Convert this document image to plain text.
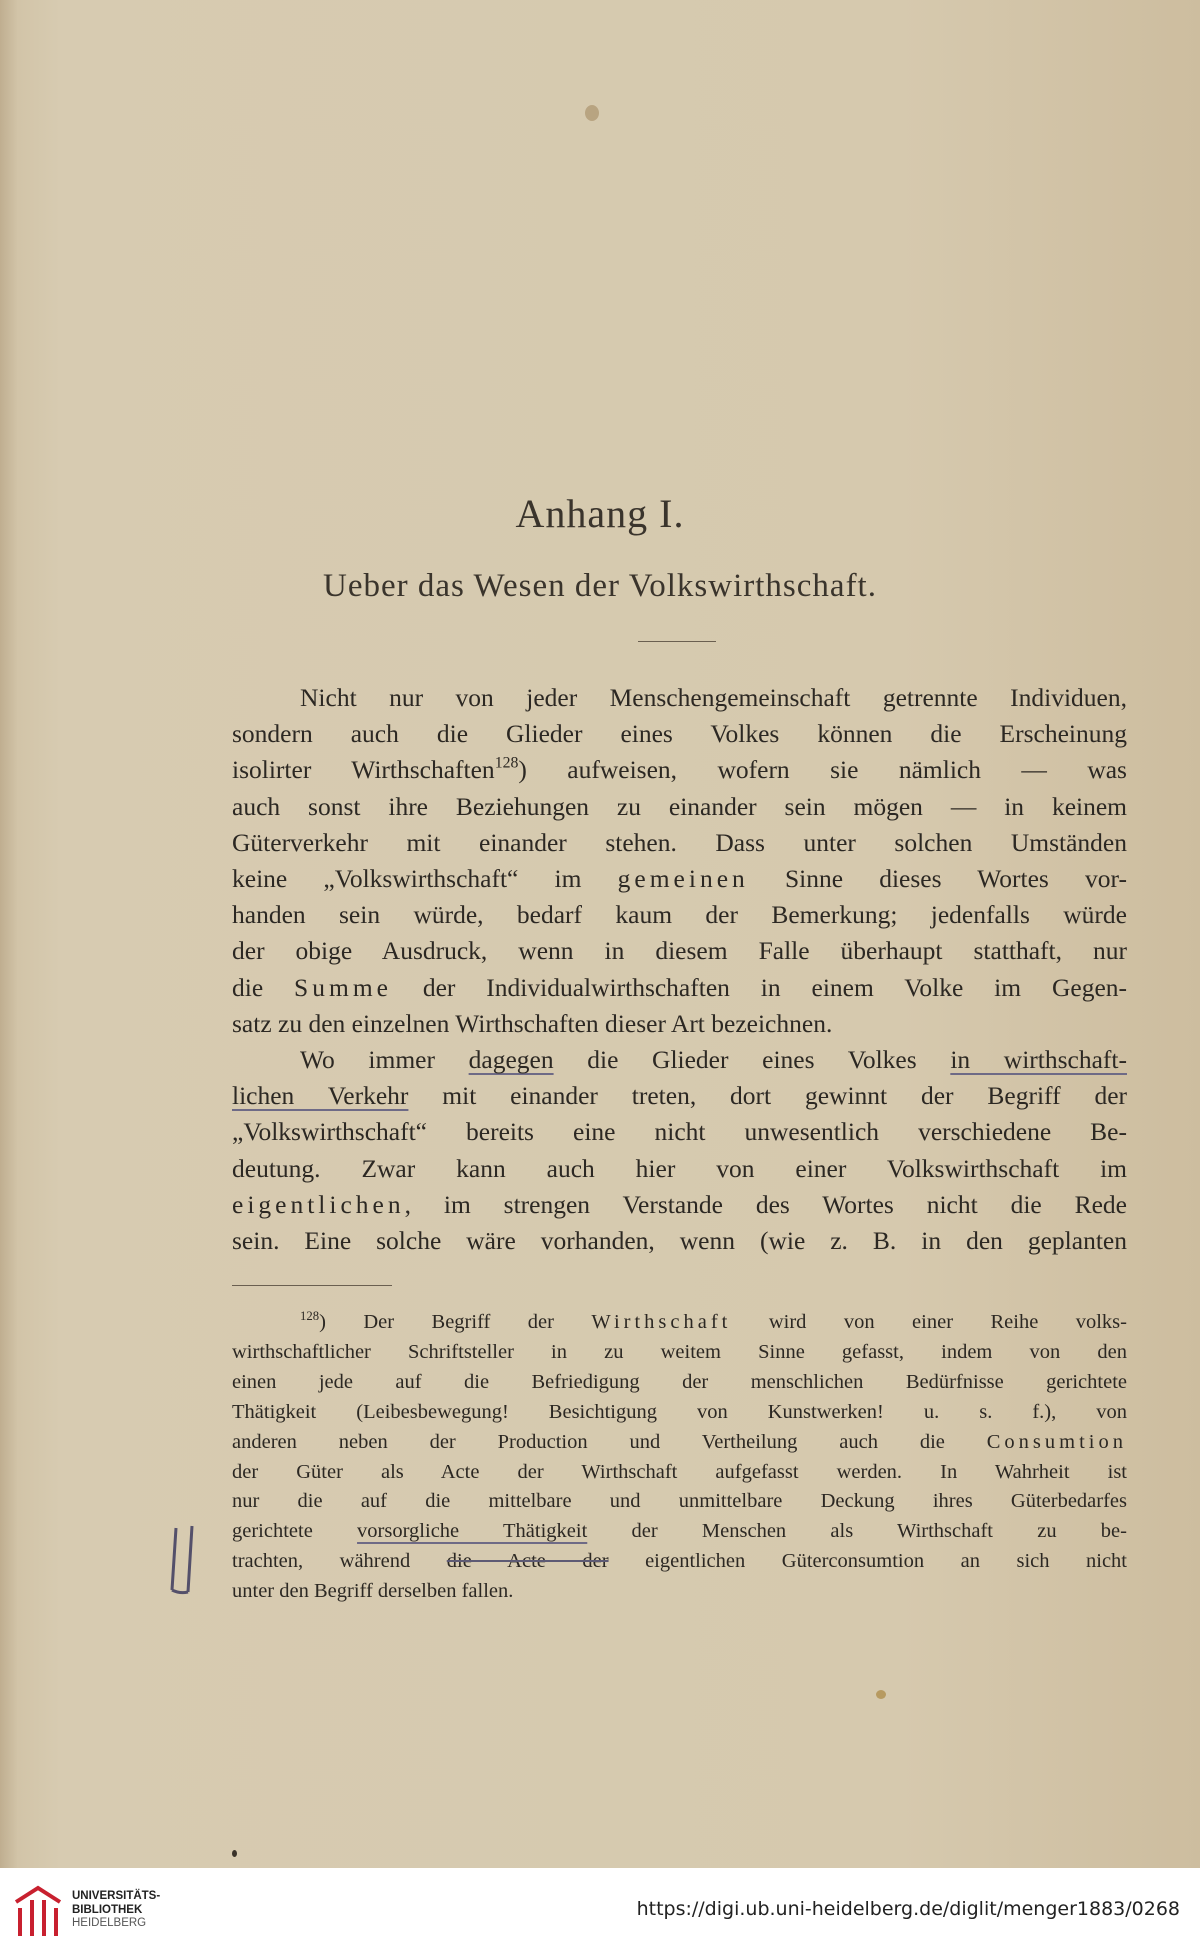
Anhang I.
Ueber das Wesen der Volkswirthschaft.
Nicht nur von jeder Menschengemeinschaft getrennte Individuen,
sondern auch die Glieder eines Volkes können die Erscheinung
isolirter Wirthschaften$^{128}$) aufweisen, wofern sie nämlich — was
auch sonst ihre Beziehungen zu einander sein mögen — in keinem
Güterverkehr mit einander stehen. Dass unter solchen Umständen
keine „Volkswirthschaft“ im gemeinen Sinne dieses Wortes vor-
handen sein würde, bedarf kaum der Bemerkung; jedenfalls würde
der obige Ausdruck, wenn in diesem Falle überhaupt statthaft, nur
die Summe der Individualwirthschaften in einem Volke im Gegen-
satz zu den einzelnen Wirthschaften dieser Art bezeichnen.
Wo immer dagegen die Glieder eines Volkes in wirthschaft-
lichen Verkehr mit einander treten, dort gewinnt der Begriff der
„Volkswirthschaft“ bereits eine nicht unwesentlich verschiedene Be-
deutung. Zwar kann auch hier von einer Volkswirthschaft im
eigentlichen, im strengen Verstande des Wortes nicht die Rede
sein. Eine solche wäre vorhanden, wenn (wie z. B. in den geplanten
$^{128}$) Der Begriff der Wirthschaft wird von einer Reihe volks-
wirthschaftlicher Schriftsteller in zu weitem Sinne gefasst, indem von den
einen jede auf die Befriedigung der menschlichen Bedürfnisse gerichtete
Thätigkeit (Leibesbewegung! Besichtigung von Kunstwerken! u. s. f.), von
anderen neben der Production und Vertheilung auch die Consumtion
der Güter als Acte der Wirthschaft aufgefasst werden. In Wahrheit ist
nur die auf die mittelbare und unmittelbare Deckung ihres Güterbedarfes
gerichtete vorsorgliche Thätigkeit der Menschen als Wirthschaft zu be-
trachten, während die Acte der eigentlichen Güterconsumtion an sich nicht
unter den Begriff derselben fallen.
UNIVERSITÄTS-
BIBLIOTHEK
HEIDELBERG
https://digi.ub.uni-heidelberg.de/diglit/menger1883/0268
